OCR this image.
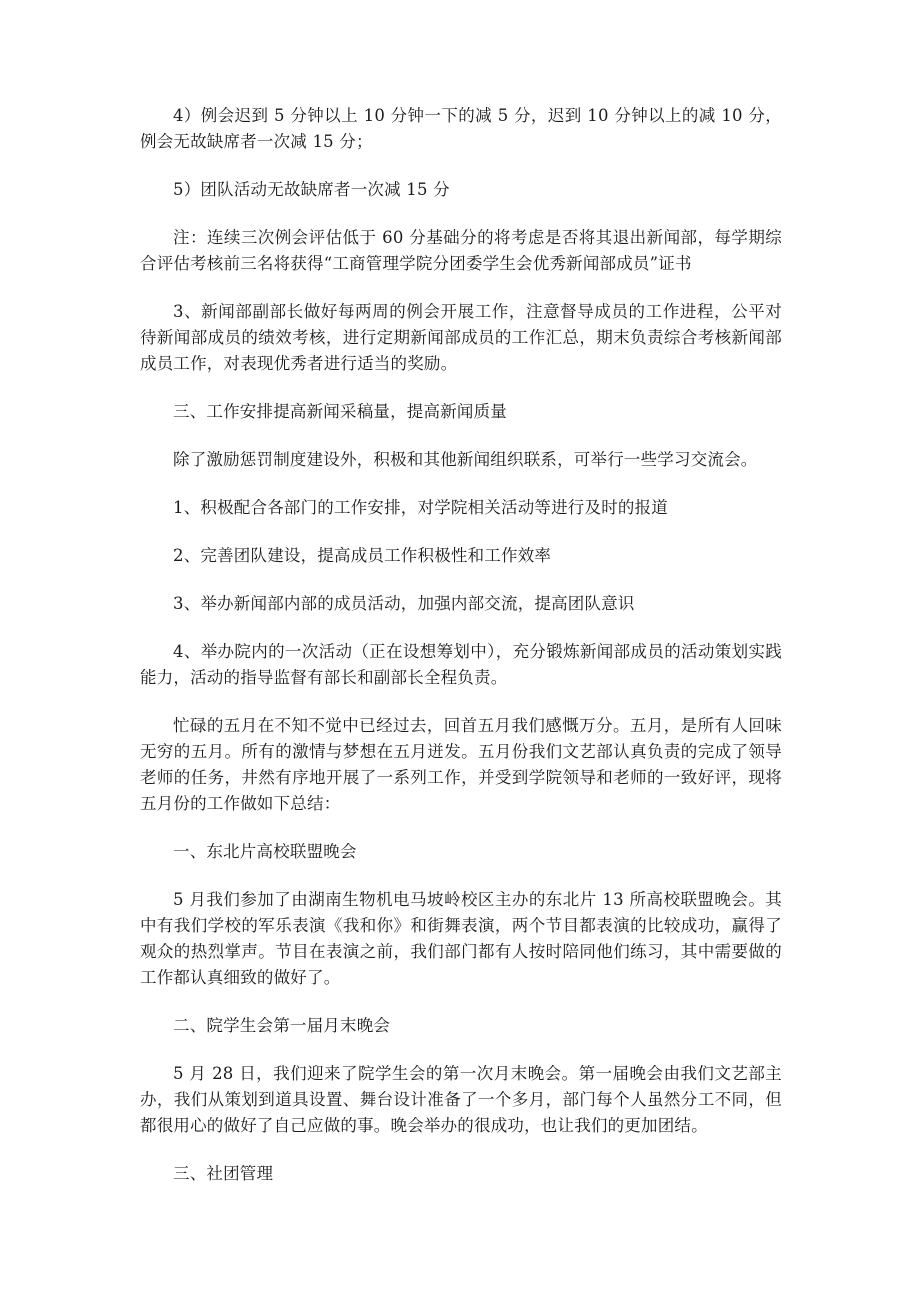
4）例会迟到 5 分钟以上 10 分钟一下的减 5 分，迟到 10 分钟以上的减 10 分，例会无故缺席者一次减 15 分；

5）团队活动无故缺席者一次减 15 分

注：连续三次例会评估低于 60 分基础分的将考虑是否将其退出新闻部，每学期综合评估考核前三名将获得“工商管理学院分团委学生会优秀新闻部成员”证书

3、新闻部副部长做好每两周的例会开展工作，注意督导成员的工作进程，公平对待新闻部成员的绩效考核，进行定期新闻部成员的工作汇总，期末负责综合考核新闻部成员工作，对表现优秀者进行适当的奖励。

三、工作安排提高新闻采稿量，提高新闻质量

除了激励惩罚制度建设外，积极和其他新闻组织联系，可举行一些学习交流会。

1、积极配合各部门的工作安排，对学院相关活动等进行及时的报道

2、完善团队建设，提高成员工作积极性和工作效率

3、举办新闻部内部的成员活动，加强内部交流，提高团队意识

4、举办院内的一次活动（正在设想筹划中），充分锻炼新闻部成员的活动策划实践能力，活动的指导监督有部长和副部长全程负责。

忙碌的五月在不知不觉中已经过去，回首五月我们感慨万分。五月，是所有人回味无穷的五月。所有的激情与梦想在五月迸发。五月份我们文艺部认真负责的完成了领导老师的任务，井然有序地开展了一系列工作，并受到学院领导和老师的一致好评，现将五月份的工作做如下总结：

一、东北片高校联盟晚会

5 月我们参加了由湖南生物机电马坡岭校区主办的东北片 13 所高校联盟晚会。其中有我们学校的军乐表演《我和你》和街舞表演，两个节目都表演的比较成功，赢得了观众的热烈掌声。节目在表演之前，我们部门都有人按时陪同他们练习，其中需要做的工作都认真细致的做好了。

二、院学生会第一届月末晚会

5 月 28 日，我们迎来了院学生会的第一次月末晚会。第一届晚会由我们文艺部主办，我们从策划到道具设置、舞台设计准备了一个多月，部门每个人虽然分工不同，但都很用心的做好了自己应做的事。晚会举办的很成功，也让我们的更加团结。

三、社团管理
